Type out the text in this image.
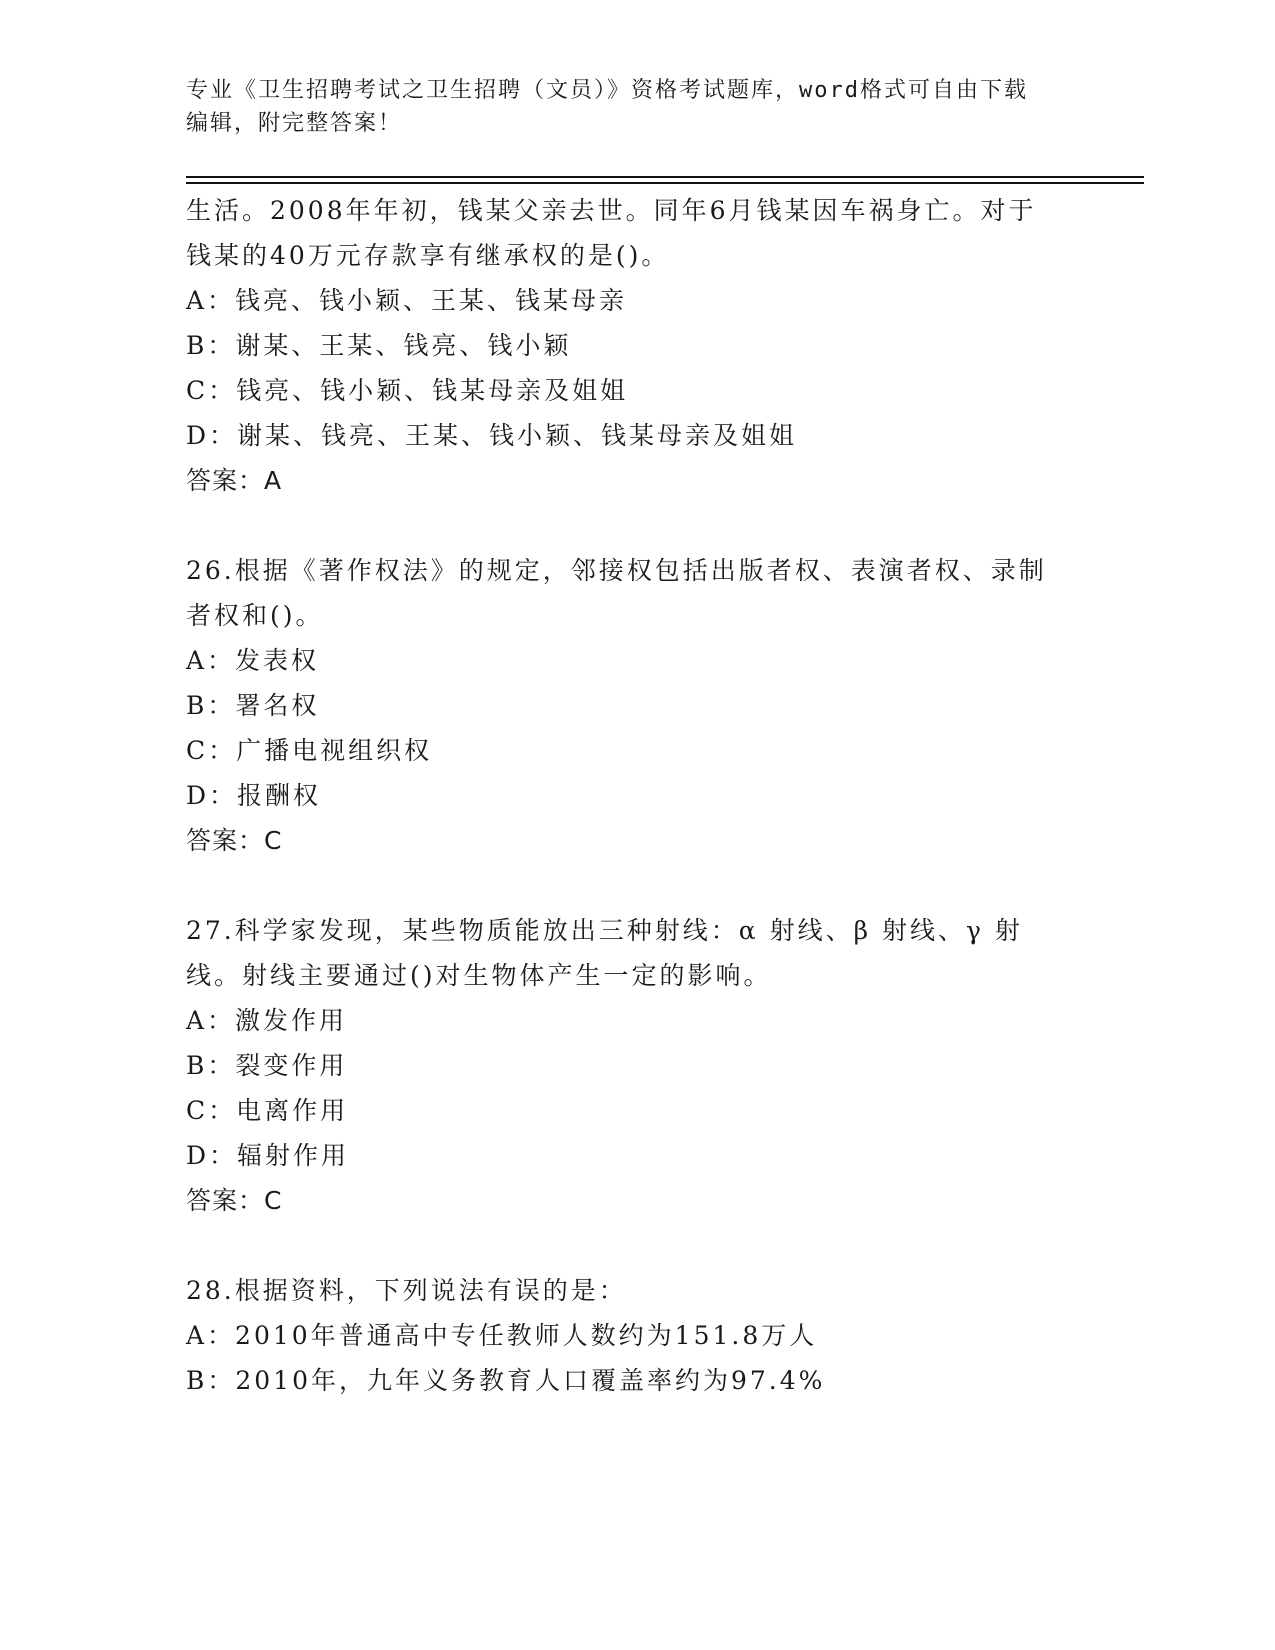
专业《卫生招聘考试之卫生招聘（文员）》资格考试题库，word格式可自由下载
编辑，附完整答案！
生活。2008年年初，钱某父亲去世。同年6月钱某因车祸身亡。对于
钱某的40万元存款享有继承权的是()。
A：钱亮、钱小颖、王某、钱某母亲
B：谢某、王某、钱亮、钱小颖
C：钱亮、钱小颖、钱某母亲及姐姐
D：谢某、钱亮、王某、钱小颖、钱某母亲及姐姐
答案：A
26.根据《著作权法》的规定，邻接权包括出版者权、表演者权、录制
者权和()。
A：发表权
B：署名权
C：广播电视组织权
D：报酬权
答案：C
27.科学家发现，某些物质能放出三种射线：α 射线、β 射线、γ 射
线。射线主要通过()对生物体产生一定的影响。
A：激发作用
B：裂变作用
C：电离作用
D：辐射作用
答案：C
28.根据资料，下列说法有误的是：
A：2010年普通高中专任教师人数约为151.8万人
B：2010年，九年义务教育人口覆盖率约为97.4%
